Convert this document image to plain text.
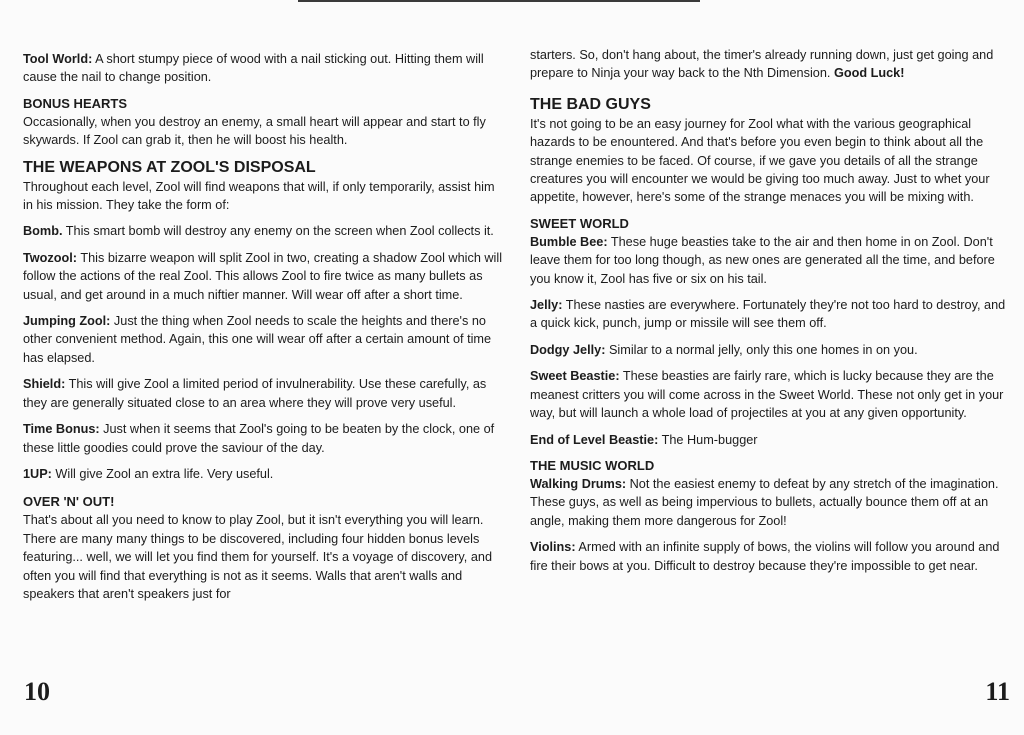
Tool World: A short stumpy piece of wood with a nail sticking out. Hitting them will cause the nail to change position.

BONUS HEARTS

Occasionally, when you destroy an enemy, a small heart will appear and start to fly skywards. If Zool can grab it, then he will boost his health.

THE WEAPONS AT ZOOL'S DISPOSAL

Throughout each level, Zool will find weapons that will, if only temporarily, assist him in his mission. They take the form of:

Bomb. This smart bomb will destroy any enemy on the screen when Zool collects it.

Twozool: This bizarre weapon will split Zool in two, creating a shadow Zool which will follow the actions of the real Zool. This allows Zool to fire twice as many bullets as usual, and get around in a much niftier manner. Will wear off after a short time.

Jumping Zool: Just the thing when Zool needs to scale the heights and there's no other convenient method. Again, this one will wear off after a certain amount of time has elapsed.

Shield: This will give Zool a limited period of invulnerability. Use these carefully, as they are generally situated close to an area where they will prove very useful.

Time Bonus: Just when it seems that Zool's going to be beaten by the clock, one of these little goodies could prove the saviour of the day.

1UP: Will give Zool an extra life. Very useful.

OVER 'N' OUT!

That's about all you need to know to play Zool, but it isn't everything you will learn. There are many many things to be discovered, including four hidden bonus levels featuring... well, we will let you find them for yourself. It's a voyage of discovery, and often you will find that everything is not as it seems. Walls that aren't walls and speakers that aren't speakers just for

10

starters. So, don't hang about, the timer's already running down, just get going and prepare to Ninja your way back to the Nth Dimension. Good Luck!

THE BAD GUYS

It's not going to be an easy journey for Zool what with the various geographical hazards to be enountered. And that's before you even begin to think about all the strange enemies to be faced. Of course, if we gave you details of all the strange creatures you will encounter we would be giving too much away. Just to whet your appetite, however, here's some of the strange menaces you will be mixing with.

SWEET WORLD

Bumble Bee: These huge beasties take to the air and then home in on Zool. Don't leave them for too long though, as new ones are generated all the time, and before you know it, Zool has five or six on his tail.

Jelly: These nasties are everywhere. Fortunately they're not too hard to destroy, and a quick kick, punch, jump or missile will see them off.

Dodgy Jelly: Similar to a normal jelly, only this one homes in on you.

Sweet Beastie: These beasties are fairly rare, which is lucky because they are the meanest critters you will come across in the Sweet World. These not only get in your way, but will launch a whole load of projectiles at you at any given opportunity.

End of Level Beastie: The Hum-bugger

THE MUSIC WORLD

Walking Drums: Not the easiest enemy to defeat by any stretch of the imagination. These guys, as well as being impervious to bullets, actually bounce them off at an angle, making them more dangerous for Zool!

Violins: Armed with an infinite supply of bows, the violins will follow you around and fire their bows at you. Difficult to destroy because they're impossible to get near.

11
